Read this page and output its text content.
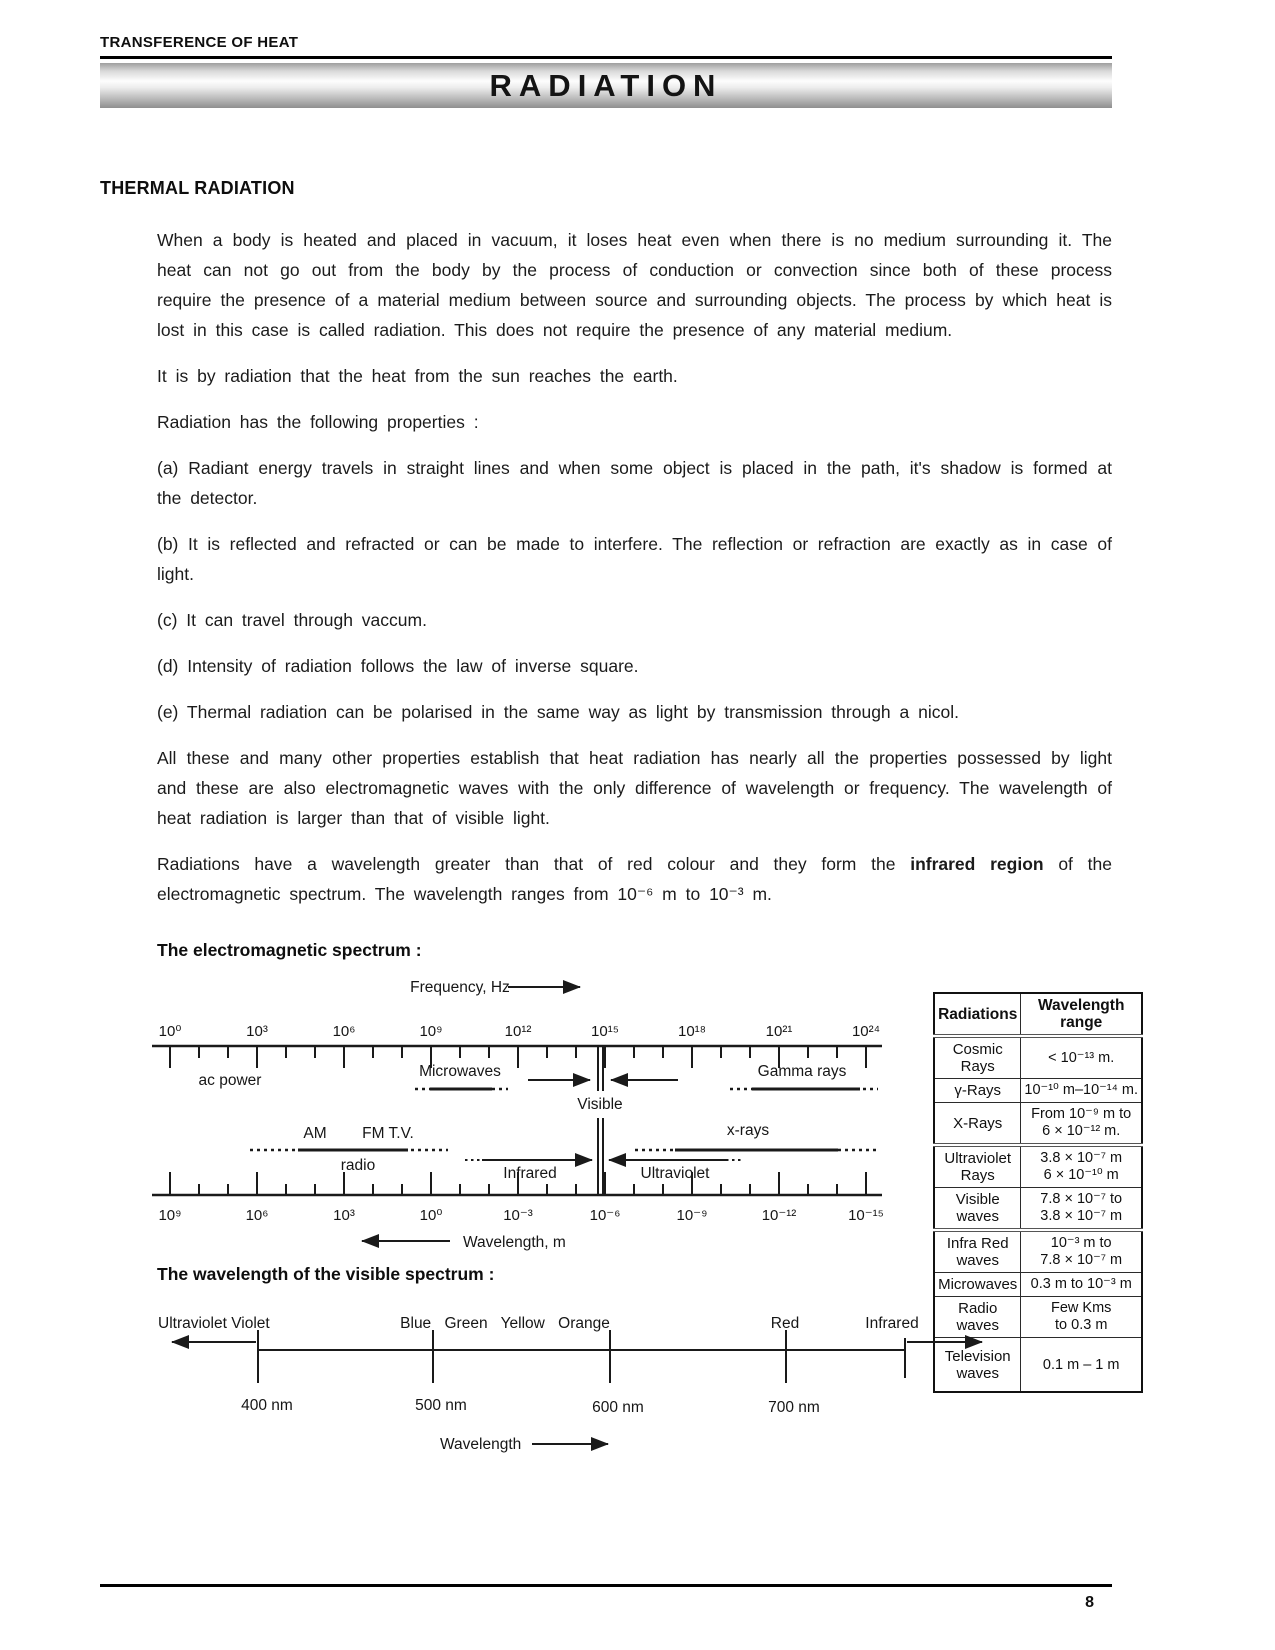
TRANSFERENCE OF HEAT
RADIATION
THERMAL RADIATION

When a body is heated and placed in vacuum, it loses heat even when there is no medium surrounding it. The heat can not go out from the body by the process of conduction or convection since both of these process require the presence of a material medium between source and surrounding objects. The process by which heat is lost in this case is called radiation. This does not require the presence of any material medium.

It is by radiation that the heat from the sun reaches the earth.

Radiation has the following properties :

(a) Radiant energy travels in straight lines and when some object is placed in the path, it's shadow is formed at the detector.

(b) It is reflected and refracted or can be made to interfere. The reflection or refraction are exactly as in case of light.

(c) It can travel through vaccum.

(d) Intensity of radiation follows the law of inverse square.

(e) Thermal radiation can be polarised in the same way as light by transmission through a nicol.

All these and many other properties establish that heat radiation has nearly all the properties possessed by light and these are also electromagnetic waves with the only difference of wavelength or frequency. The wavelength of heat radiation is larger than that of visible light.

Radiations have a wavelength greater than that of red colour and they form the infrared region of the electromagnetic spectrum. The wavelength ranges from 10⁻⁶ m to 10⁻³ m.

The electromagnetic spectrum :
Frequency, Hz
10⁰	10³	10⁶	10⁹	10¹²	10¹⁵	10¹⁸	10²¹	10²⁴
ac power
Microwaves	Gamma rays
Visible
AM FM T.V.
radio
x-rays
Infrared	Ultraviolet
10⁹	10⁶	10³	10⁰	10⁻³	10⁻⁶	10⁻⁹	10⁻¹²	10⁻¹⁵
Wavelength, m
Radiations	Wavelength range
Cosmic Rays	< 10⁻¹³ m.
γ-Rays	10⁻¹⁰ m–10⁻¹⁴ m.
X-Rays	From 10⁻⁹ m to
6 × 10⁻¹² m.
Ultraviolet
Rays	3.8 × 10⁻⁷ m
6 × 10⁻¹⁰ m
Visible
waves	7.8 × 10⁻⁷ to
3.8 × 10⁻⁷ m
Infra Red
waves	10⁻³ m to
7.8 × 10⁻⁷ m
Microwaves	0.3 m to 10⁻³ m
Radio waves	Few Kms
to 0.3 m
Television
waves	0.1 m – 1 m
The wavelength of the visible spectrum :
Ultraviolet Violet	Blue Green Yellow Orange	Red	Infrared
400 nm	500 nm	600 nm	700 nm
Wavelength
8
